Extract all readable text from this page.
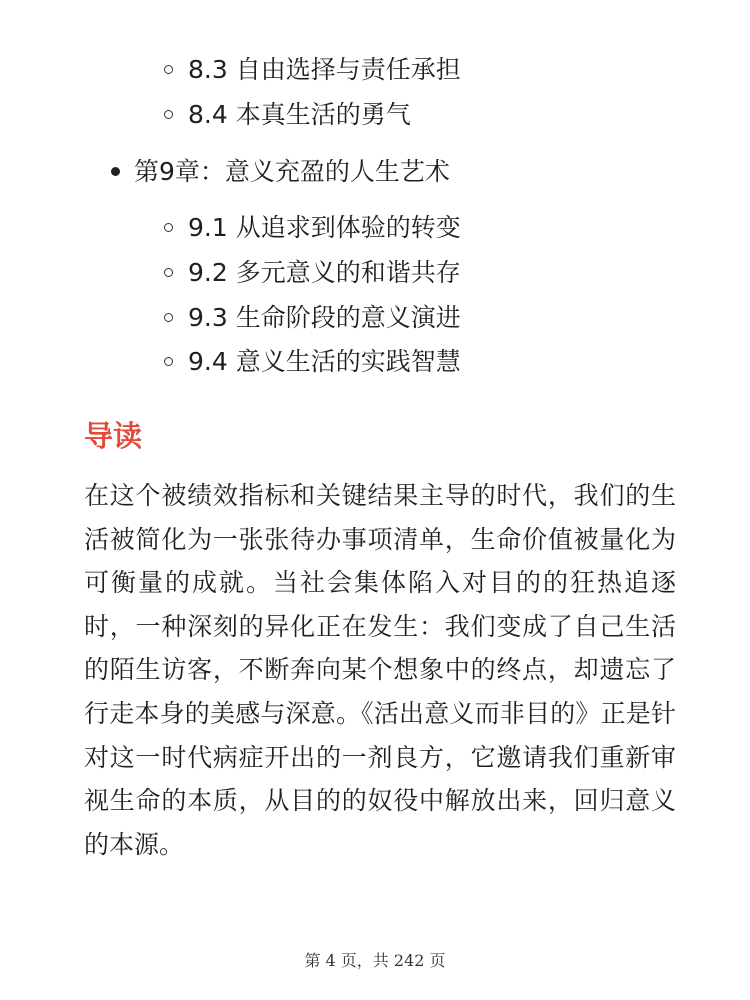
8.3 自由选择与责任承担
8.4 本真生活的勇气
第9章：意义充盈的人生艺术
9.1 从追求到体验的转变
9.2 多元意义的和谐共存
9.3 生命阶段的意义演进
9.4 意义生活的实践智慧
导读

在这个被绩效指标和关键结果主导的时代，我们的生活被简化为一张张待办事项清单，生命价值被量化为可衡量的成就。当社会集体陷入对目的的狂热追逐时，一种深刻的异化正在发生：我们变成了自己生活的陌生访客，不断奔向某个想象中的终点，却遗忘了行走本身的美感与深意。《活出意义而非目的》正是针对这一时代病症开出的一剂良方，它邀请我们重新审视生命的本质，从目的的奴役中解放出来，回归意义的本源。

第 4 页，共 242 页
